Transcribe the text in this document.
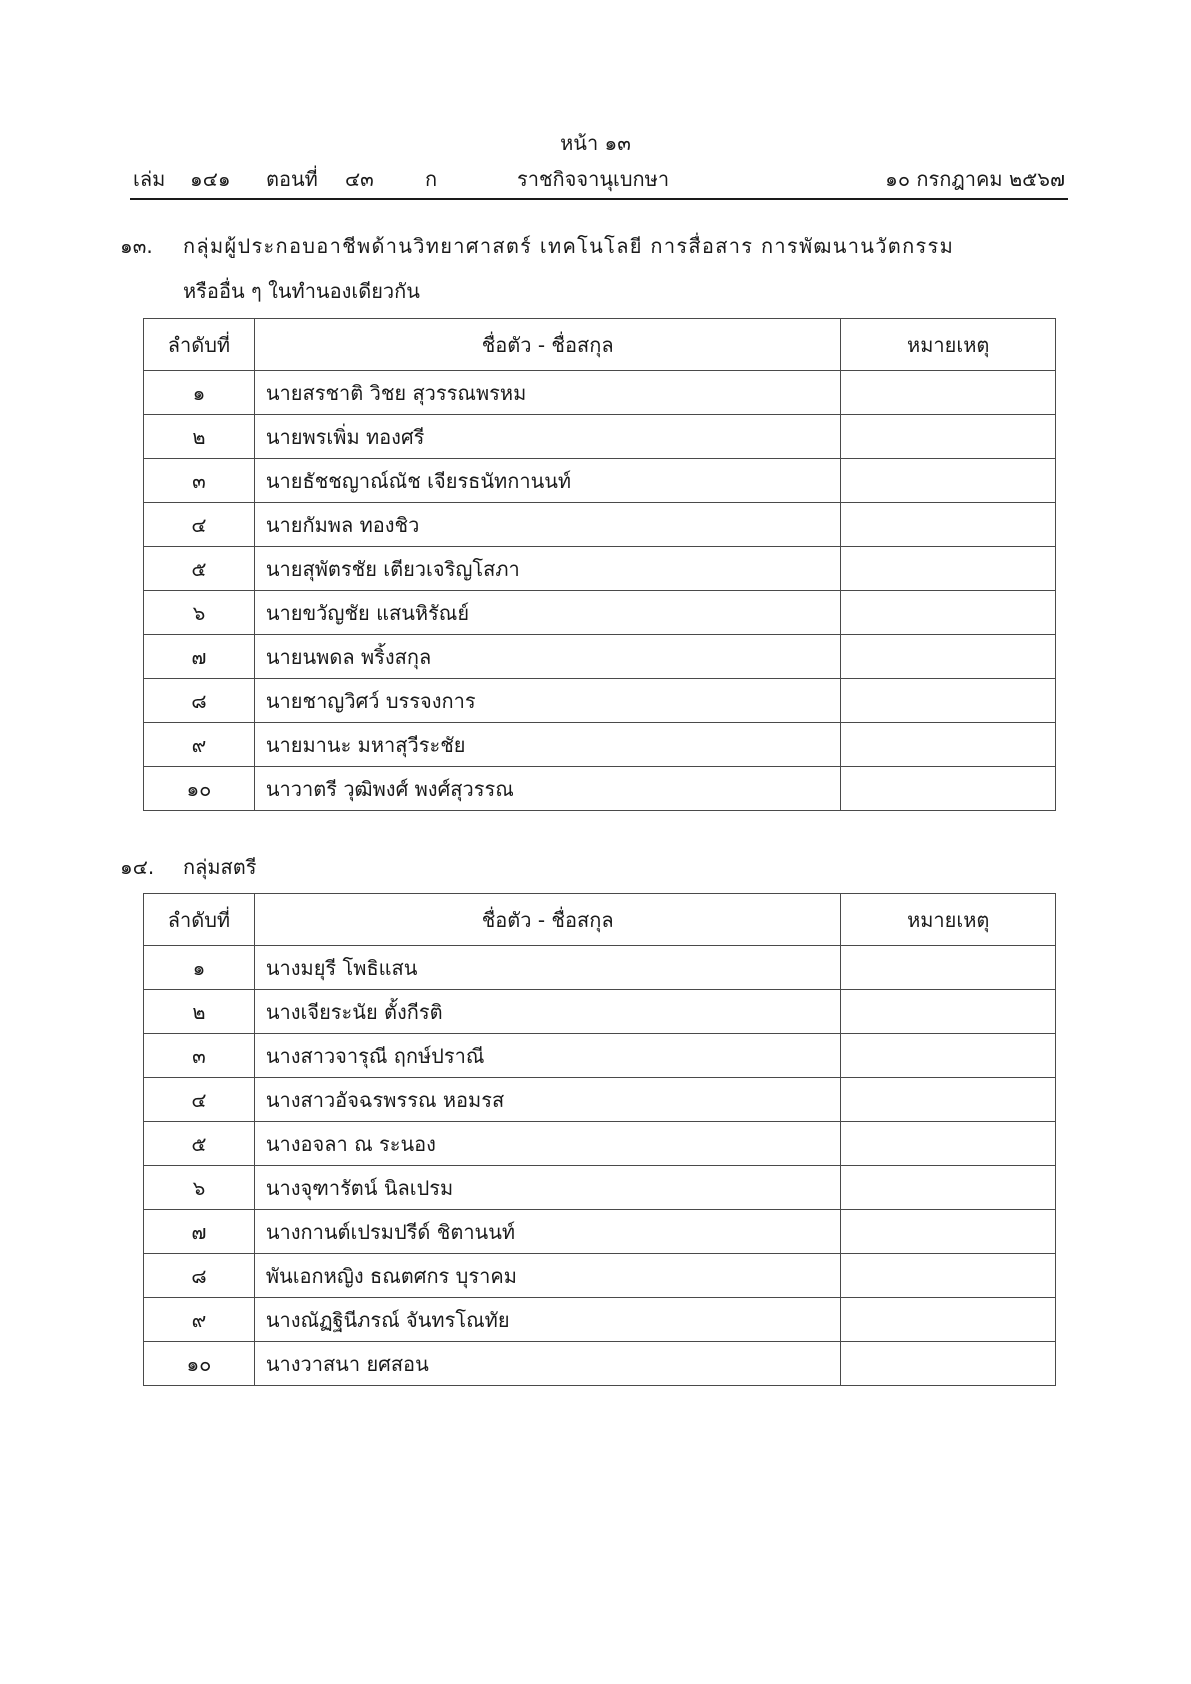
หน้า ๑๓
เล่ม ๑๔๑ ตอนที่ ๔๓	ก	ราชกิจจานุเบกษา	๑๐ กรกฎาคม ๒๕๖๗
๑๓. กลุ่มผู้ประกอบอาชีพด้านวิทยาศาสตร์ เทคโนโลยี การสื่อสาร การพัฒนานวัตกรรม
หรืออื่น ๆ ในทำนองเดียวกัน
ลำดับที่	ชื่อตัว - ชื่อสกุล	หมายเหตุ
๑	นายสรชาติ วิชย สุวรรณพรหม	
๒	นายพรเพิ่ม ทองศรี	
๓	นายธัชชญาณ์ณัช เจียรธนัทกานนท์	
๔	นายกัมพล ทองชิว	
๕	นายสุพัตรชัย เตียวเจริญโสภา	
๖	นายขวัญชัย แสนหิรัณย์	
๗	นายนพดล พริ้งสกุล	
๘	นายชาญวิศว์ บรรจงการ	
๙	นายมานะ มหาสุวีระชัย	
๑๐	นาวาตรี วุฒิพงศ์ พงศ์สุวรรณ	
๑๔. กลุ่มสตรี
ลำดับที่	ชื่อตัว - ชื่อสกุล	หมายเหตุ
๑	นางมยุรี โพธิแสน	
๒	นางเจียระนัย ตั้งกีรติ	
๓	นางสาวจารุณี ฤกษ์ปราณี	
๔	นางสาวอัจฉรพรรณ หอมรส	
๕	นางอจลา ณ ระนอง	
๖	นางจุฑารัตน์ นิลเปรม	
๗	นางกานต์เปรมปรีด์ ชิตานนท์	
๘	พันเอกหญิง ธณตศกร บุราคม	
๙	นางณัฏฐินีภรณ์ จันทรโณทัย	
๑๐	นางวาสนา ยศสอน	
